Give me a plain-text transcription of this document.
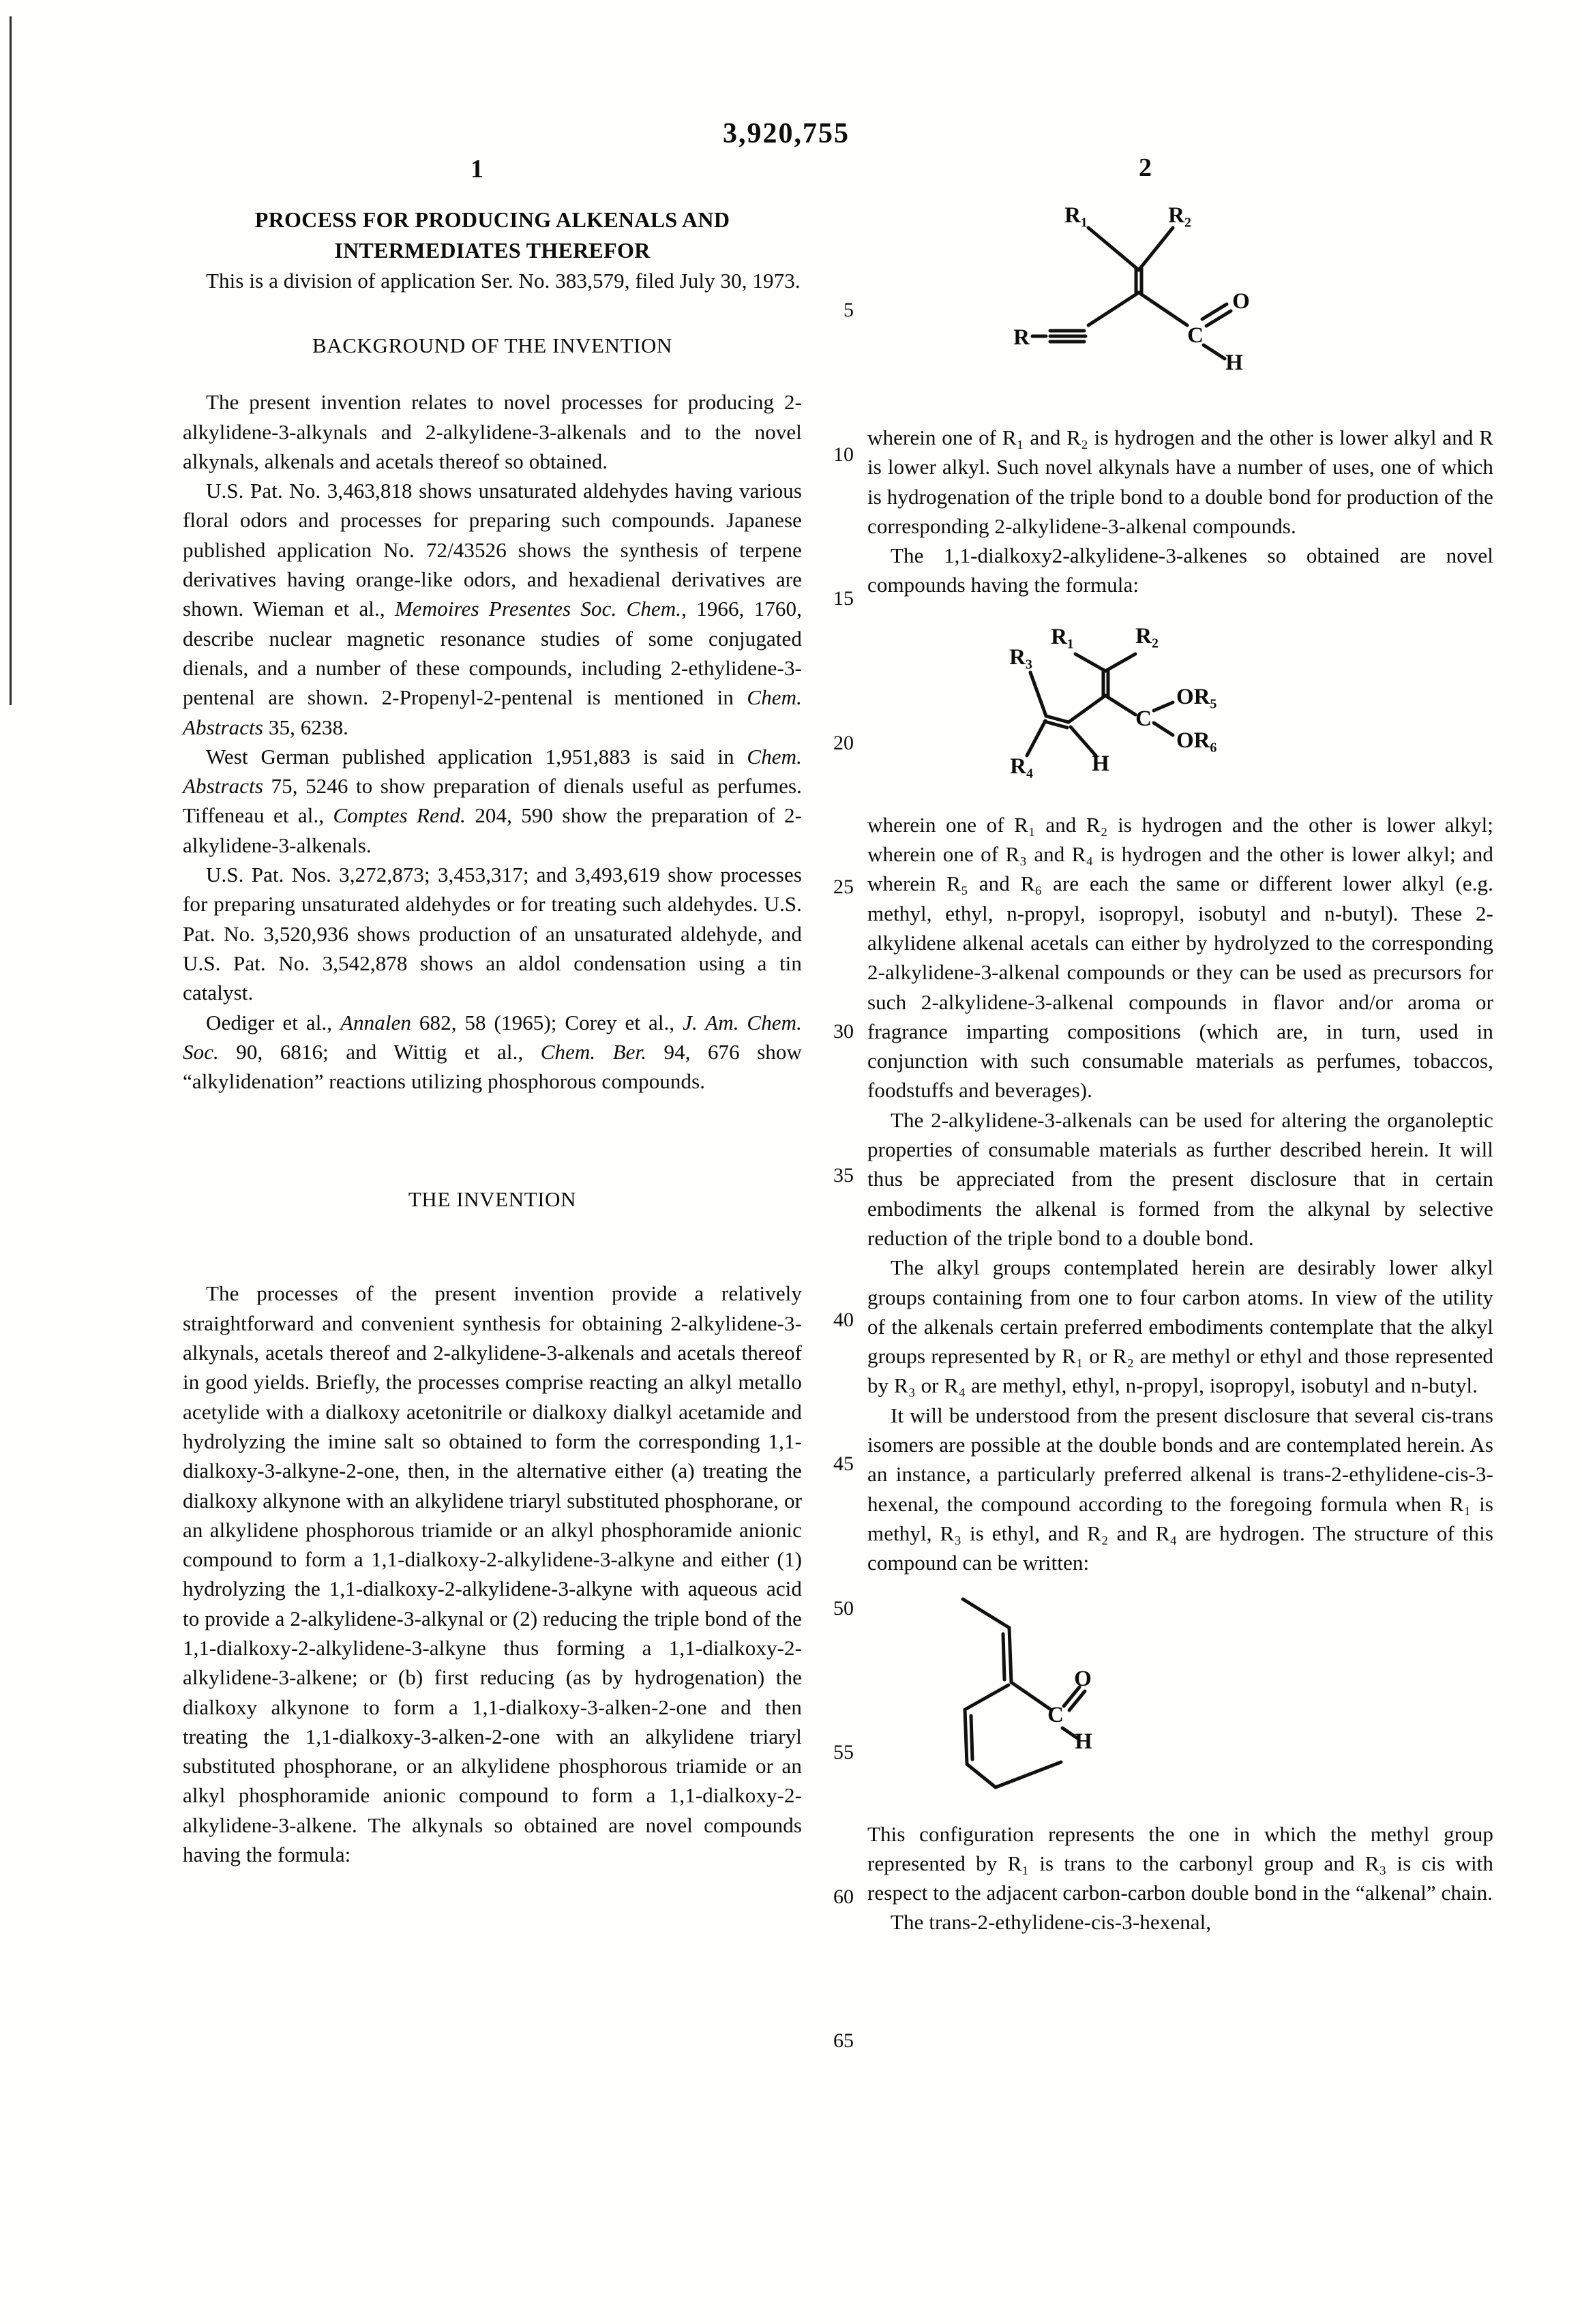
3,920,755
1	2
5
10
15
20
25
30
35
40
45
50
55
60
65
PROCESS FOR PRODUCING ALKENALS AND
INTERMEDIATES THEREFOR

This is a division of application Ser. No. 383,579, filed July 30, 1973.

BACKGROUND OF THE INVENTION

The present invention relates to novel processes for producing 2-alkylidene-3-alkynals and 2-alkylidene-3-alkenals and to the novel alkynals, alkenals and acetals thereof so obtained.

U.S. Pat. No. 3,463,818 shows unsaturated aldehydes having various floral odors and processes for preparing such compounds. Japanese published application No. 72/43526 shows the synthesis of terpene derivatives having orange-like odors, and hexadienal derivatives are shown. Wieman et al., Memoires Presentes Soc. Chem., 1966, 1760, describe nuclear magnetic resonance studies of some conjugated dienals, and a number of these compounds, including 2-ethylidene-3-pentenal are shown. 2-Propenyl-2-pentenal is mentioned in Chem. Abstracts 35, 6238.

West German published application 1,951,883 is said in Chem. Abstracts 75, 5246 to show preparation of dienals useful as perfumes. Tiffeneau et al., Comptes Rend. 204, 590 show the preparation of 2-alkylidene-3-alkenals.

U.S. Pat. Nos. 3,272,873; 3,453,317; and 3,493,619 show processes for preparing unsaturated aldehydes or for treating such aldehydes. U.S. Pat. No. 3,520,936 shows production of an unsaturated aldehyde, and U.S. Pat. No. 3,542,878 shows an aldol condensation using a tin catalyst.

Oediger et al., Annalen 682, 58 (1965); Corey et al., J. Am. Chem. Soc. 90, 6816; and Wittig et al., Chem. Ber. 94, 676 show “alkylidenation” reactions utilizing phosphorous compounds.

THE INVENTION

The processes of the present invention provide a relatively straightforward and convenient synthesis for obtaining 2-alkylidene-3-alkynals, acetals thereof and 2-alkylidene-3-alkenals and acetals thereof in good yields. Briefly, the processes comprise reacting an alkyl metallo acetylide with a dialkoxy acetonitrile or dialkoxy dialkyl acetamide and hydrolyzing the imine salt so obtained to form the corresponding 1,1-dialkoxy-3-alkyne-2-one, then, in the alternative either (a) treating the dialkoxy alkynone with an alkylidene triaryl substituted phosphorane, or an alkylidene phosphorous triamide or an alkyl phosphoramide anionic compound to form a 1,1-dialkoxy-2-alkylidene-3-alkyne and either (1) hydrolyzing the 1,1-dialkoxy-2-alkylidene-3-alkyne with aqueous acid to provide a 2-alkylidene-3-alkynal or (2) reducing the triple bond of the 1,1-dialkoxy-2-alkylidene-3-alkyne thus forming a 1,1-dialkoxy-2-alkylidene-3-alkene; or (b) first reducing (as by hydrogenation) the dialkoxy alkynone to form a 1,1-dialkoxy-3-alken-2-one and then treating the 1,1-dialkoxy-3-alken-2-one with an alkylidene triaryl substituted phosphorane, or an alkylidene phosphorous triamide or an alkyl phosphoramide anionic compound to form a 1,1-dialkoxy-2-alkylidene-3-alkene. The alkynals so obtained are novel compounds having the formula:

R₁	R₂
R	C
O
H

wherein one of R₁ and R₂ is hydrogen and the other is lower alkyl and R is lower alkyl. Such novel alkynals have a number of uses, one of which is hydrogenation of the triple bond to a double bond for production of the corresponding 2-alkylidene-3-alkenal compounds.

The 1,1-dialkoxy2-alkylidene-3-alkenes so obtained are novel compounds having the formula:

R₁	R₂
R₃
R₄	H
C
OR₅
OR₆

wherein one of R₁ and R₂ is hydrogen and the other is lower alkyl; wherein one of R₃ and R₄ is hydrogen and the other is lower alkyl; and wherein R₅ and R₆ are each the same or different lower alkyl (e.g. methyl, ethyl, n-propyl, isopropyl, isobutyl and n-butyl). These 2-alkylidene alkenal acetals can either by hydrolyzed to the corresponding 2-alkylidene-3-alkenal compounds or they can be used as precursors for such 2-alkylidene-3-alkenal compounds in flavor and/or aroma or fragrance imparting compositions (which are, in turn, used in conjunction with such consumable materials as perfumes, tobaccos, foodstuffs and beverages).

The 2-alkylidene-3-alkenals can be used for altering the organoleptic properties of consumable materials as further described herein. It will thus be appreciated from the present disclosure that in certain embodiments the alkenal is formed from the alkynal by selective reduction of the triple bond to a double bond.

The alkyl groups contemplated herein are desirably lower alkyl groups containing from one to four carbon atoms. In view of the utility of the alkenals certain preferred embodiments contemplate that the alkyl groups represented by R₁ or R₂ are methyl or ethyl and those represented by R₃ or R₄ are methyl, ethyl, n-propyl, isopropyl, isobutyl and n-butyl.

It will be understood from the present disclosure that several cis-trans isomers are possible at the double bonds and are contemplated herein. As an instance, a particularly preferred alkenal is trans-2-ethylidene-cis-3-hexenal, the compound according to the foregoing formula when R₁ is methyl, R₃ is ethyl, and R₂ and R₄ are hydrogen. The structure of this compound can be written:

C
O
H

This configuration represents the one in which the methyl group represented by R₁ is trans to the carbonyl group and R₃ is cis with respect to the adjacent carbon-carbon double bond in the “alkenal” chain.

The trans-2-ethylidene-cis-3-hexenal,
